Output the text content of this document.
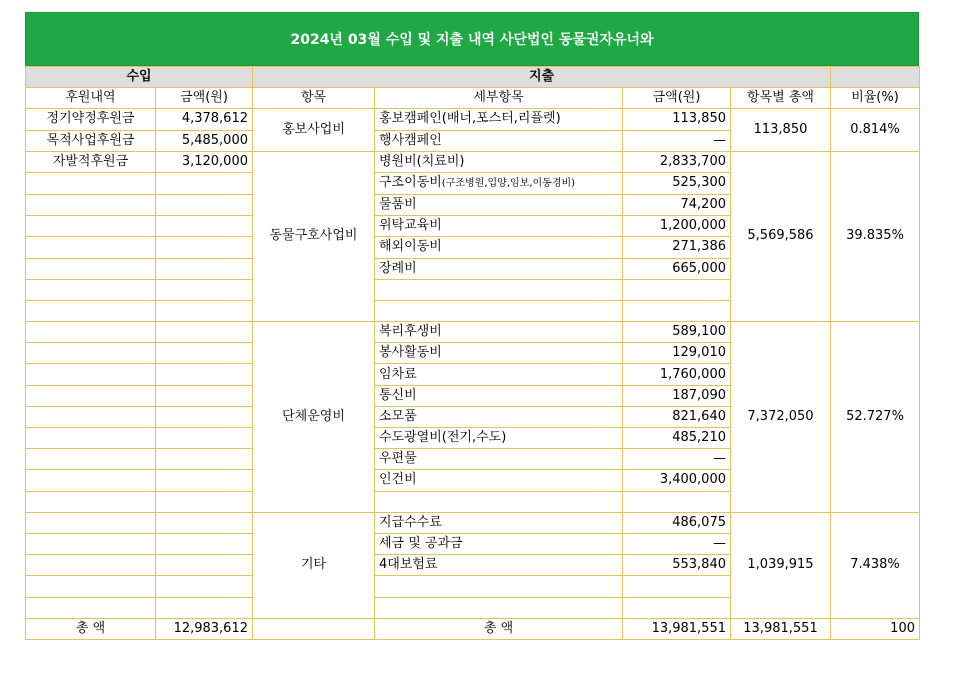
2024년 03월 수입 및 지출 내역 사단법인 동물권자유너와
수입		지출				
후원내역	금액(원)	항목	세부항목	금액(원)	항목별 총액	비율(%)
정기약정후원금	4,378,612	홍보사업비	홍보캠페인(배너,포스터,리플렛)	113,850	113,850	0.814%
목적사업후원금	5,485,000		행사캠페인	—		
자발적후원금	3,120,000	동물구호사업비	병원비(치료비)	2,833,700	5,569,586	39.835%
			구조이동비(구조병원,입양,임보,이동경비)	525,300		
			물품비	74,200		
			위탁교육비	1,200,000		
			해외이동비	271,386		
			장례비	665,000		

		단체운영비	복리후생비	589,100	7,372,050	52.727%
			봉사활동비	129,010		
			임차료	1,760,000		
			통신비	187,090		
			소모품	821,640		
			수도광열비(전기,수도)	485,210		
			우편물	—		
			인건비	3,400,000		

		기타	지급수수료	486,075	1,039,915	7.438%
			세금 및 공과금	—		
			4대보험료	553,840		

총 액	12,983,612		총 액	13,981,551	13,981,551	100
